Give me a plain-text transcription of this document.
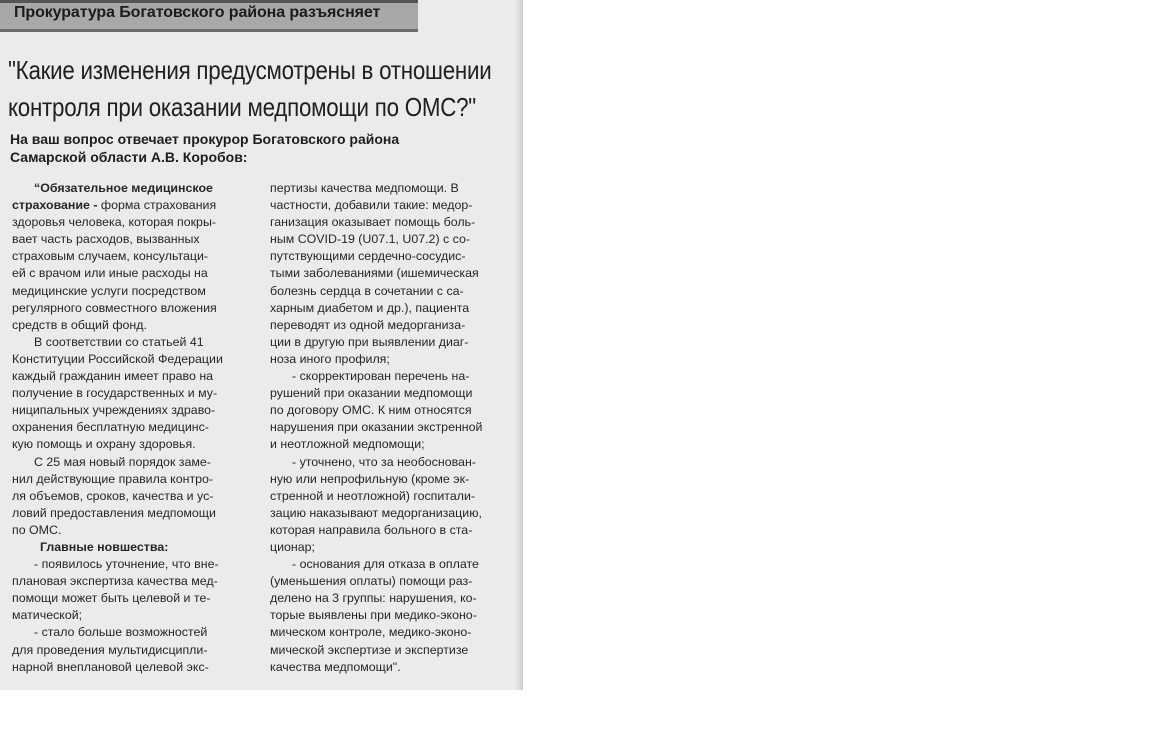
Прокуратура Богатовского района разъясняет
"Какие изменения предусмотрены в отношении
контроля при оказании медпомощи по ОМС?"
На ваш вопрос отвечает прокурор Богатовского района
Самарской области А.В. Коробов:
“Обязательное медицинское
страхование - форма страхования
здоровья человека, которая покры-
вает часть расходов, вызванных
страховым случаем, консультаци-
ей с врачом или иные расходы на
медицинские услуги посредством
регулярного совместного вложения
средств в общий фонд.
В соответствии со статьей 41
Конституции Российской Федерации
каждый гражданин имеет право на
получение в государственных и му-
ниципальных учреждениях здраво-
охранения бесплатную медицинс-
кую помощь и охрану здоровья.
С 25 мая новый порядок заме-
нил действующие правила контро-
ля объемов, сроков, качества и ус-
ловий предоставления медпомощи
по ОМС.
Главные новшества:
- появилось уточнение, что вне-
плановая экспертиза качества мед-
помощи может быть целевой и те-
матической;
- стало больше возможностей
для проведения мультидисципли-
нарной внеплановой целевой экс-
пертизы качества медпомощи. В
частности, добавили такие: медор-
ганизация оказывает помощь боль-
ным COVID-19 (U07.1, U07.2) с со-
путствующими сердечно-сосудис-
тыми заболеваниями (ишемическая
болезнь сердца в сочетании с са-
харным диабетом и др.), пациента
переводят из одной медорганиза-
ции в другую при выявлении диаг-
ноза иного профиля;
- скорректирован перечень на-
рушений при оказании медпомощи
по договору ОМС. К ним относятся
нарушения при оказании экстренной
и неотложной медпомощи;
- уточнено, что за необоснован-
ную или непрофильную (кроме эк-
стренной и неотложной) госпитали-
зацию наказывают медорганизацию,
которая направила больного в ста-
ционар;
- основания для отказа в оплате
(уменьшения оплаты) помощи раз-
делено на 3 группы: нарушения, ко-
торые выявлены при медико-эконо-
мическом контроле, медико-эконо-
мической экспертизе и экспертизе
качества медпомощи".
